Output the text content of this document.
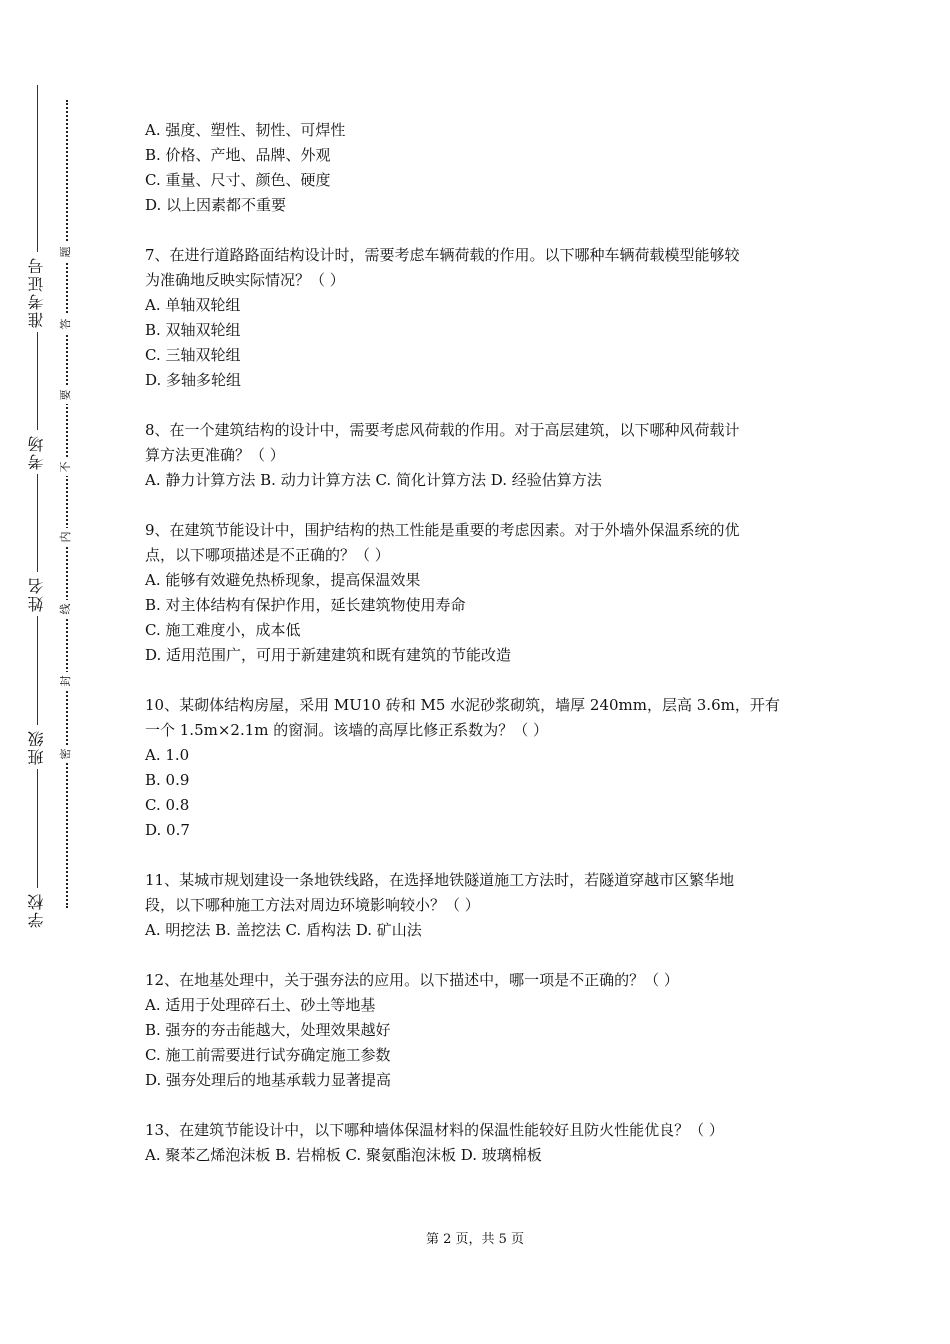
准考证号
考场
姓名
班级
学校
题
答
要
不
内
线
封
密
A. 强度、塑性、韧性、可焊性
B. 价格、产地、品牌、外观
C. 重量、尺寸、颜色、硬度
D. 以上因素都不重要
7、在进行道路路面结构设计时，需要考虑车辆荷载的作用。以下哪种车辆荷载模型能够较
为准确地反映实际情况？（ ）
A. 单轴双轮组
B. 双轴双轮组
C. 三轴双轮组
D. 多轴多轮组
8、在一个建筑结构的设计中，需要考虑风荷载的作用。对于高层建筑，以下哪种风荷载计
算方法更准确？（ ）
A. 静力计算方法 B. 动力计算方法 C. 简化计算方法 D. 经验估算方法
9、在建筑节能设计中，围护结构的热工性能是重要的考虑因素。对于外墙外保温系统的优
点，以下哪项描述是不正确的？（ ）
A. 能够有效避免热桥现象，提高保温效果
B. 对主体结构有保护作用，延长建筑物使用寿命
C. 施工难度小，成本低
D. 适用范围广，可用于新建建筑和既有建筑的节能改造
10、某砌体结构房屋，采用 MU10 砖和 M5 水泥砂浆砌筑，墙厚 240mm，层高 3.6m，开有
一个 1.5m×2.1m 的窗洞。该墙的高厚比修正系数为？（ ）
A. 1.0
B. 0.9
C. 0.8
D. 0.7
11、某城市规划建设一条地铁线路，在选择地铁隧道施工方法时，若隧道穿越市区繁华地
段，以下哪种施工方法对周边环境影响较小？（ ）
A. 明挖法 B. 盖挖法 C. 盾构法 D. 矿山法
12、在地基处理中，关于强夯法的应用。以下描述中，哪一项是不正确的？（ ）
A. 适用于处理碎石土、砂土等地基
B. 强夯的夯击能越大，处理效果越好
C. 施工前需要进行试夯确定施工参数
D. 强夯处理后的地基承载力显著提高
13、在建筑节能设计中，以下哪种墙体保温材料的保温性能较好且防火性能优良？（ ）
A. 聚苯乙烯泡沫板 B. 岩棉板 C. 聚氨酯泡沫板 D. 玻璃棉板
第 2 页，共 5 页
